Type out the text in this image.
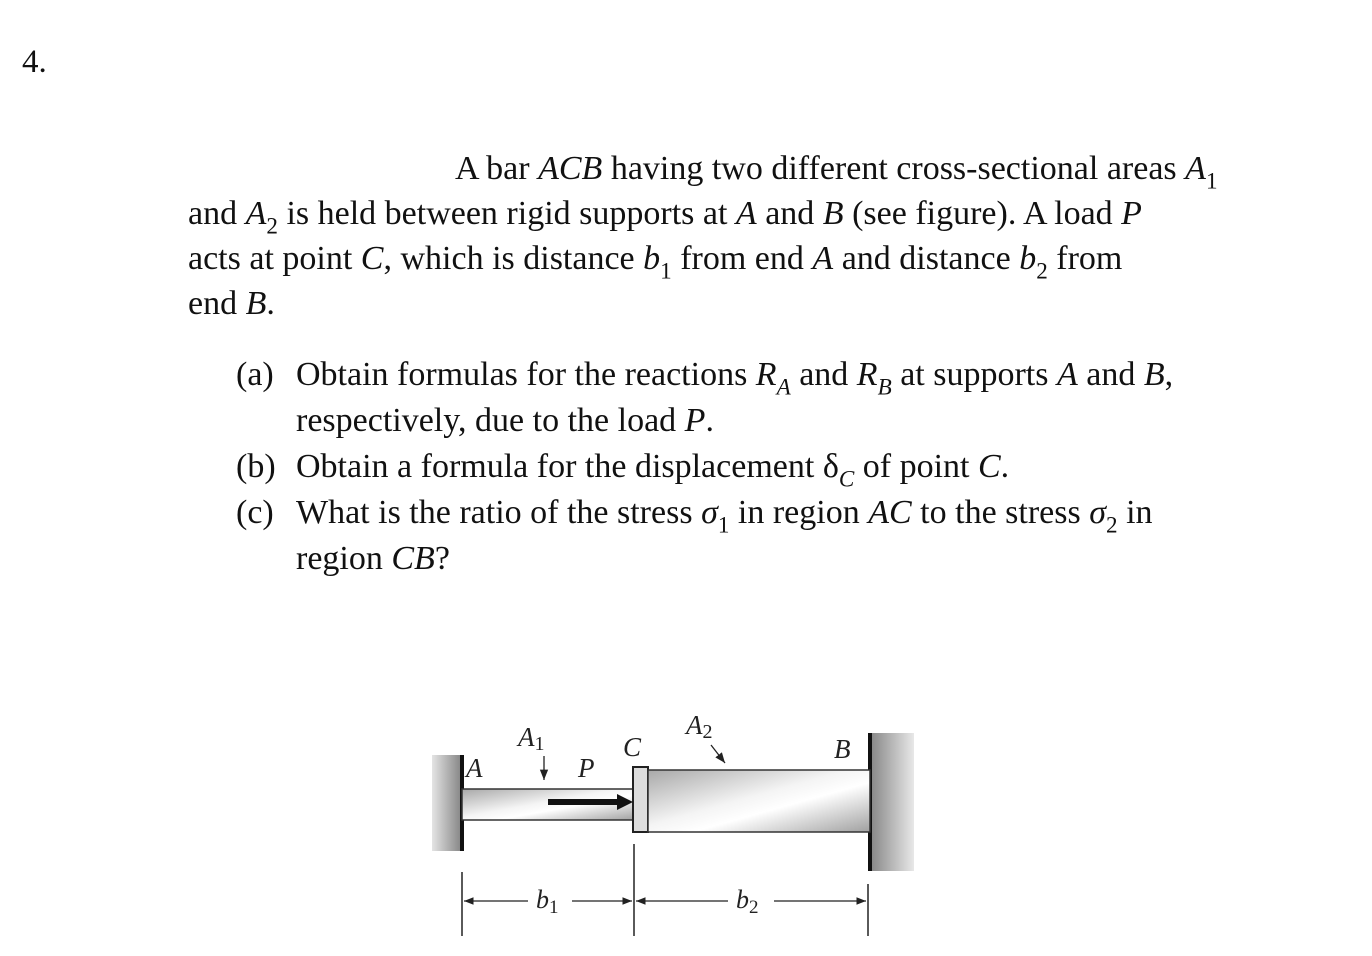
4.

A bar ACB having two different cross-sectional areas $A_1$
and $A_2$ is held between rigid supports at A and B (see figure). A load P
acts at point C, which is distance $b_1$ from end A and distance $b_2$ from
end B.

(a) Obtain formulas for the reactions $R_A$ and $R_B$ at supports A and B,
respectively, due to the load P.
(b) Obtain a formula for the displacement $\delta_C$ of point C.
(c) What is the ratio of the stress $\sigma_1$ in region AC to the stress $\sigma_2$ in
region CB?
A
A1
P
C
A2
B
b1	b2
